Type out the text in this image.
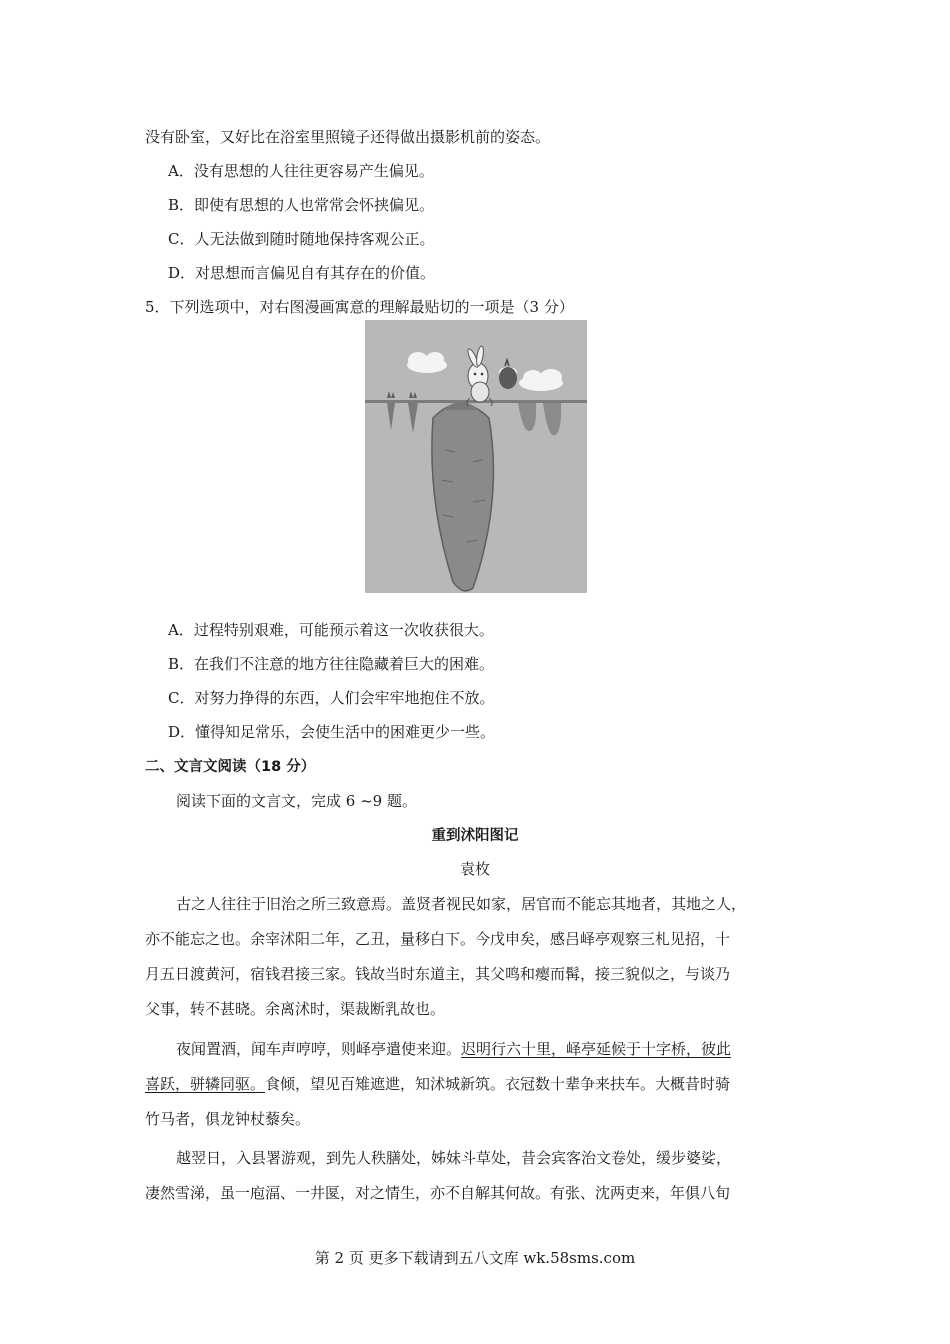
没有卧室，又好比在浴室里照镜子还得做出摄影机前的姿态。
A．没有思想的人往往更容易产生偏见。
B．即使有思想的人也常常会怀挟偏见。
C．人无法做到随时随地保持客观公正。
D．对思想而言偏见自有其存在的价值。
5．下列选项中，对右图漫画寓意的理解最贴切的一项是（3 分）
A．过程特别艰难，可能预示着这一次收获很大。
B．在我们不注意的地方往往隐藏着巨大的困难。
C．对努力挣得的东西，人们会牢牢地抱住不放。
D．懂得知足常乐，会使生活中的困难更少一些。
二、文言文阅读（18 分）
阅读下面的文言文，完成 6 ~9 题。
重到沭阳图记
袁枚
古之人往往于旧治之所三致意焉。盖贤者视民如家，居官而不能忘其地者，其地之人，
亦不能忘之也。余宰沭阳二年，乙丑，量移白下。今戊申矣，感吕峄亭观察三札见招，十
月五日渡黄河，宿钱君接三家。钱故当时东道主，其父鸣和瘿而髯，接三貌似之，与谈乃
父事，转不甚晓。余离沭时，渠裁断乳故也。
夜闻置酒，闻车声哼哼，则峄亭遣使来迎。迟明行六十里，峄亭延候于十字桥，彼此
喜跃，骈辚同驱。食倾，望见百雉遮迣，知沭城新筑。衣冠数十辈争来扶车。大概昔时骑
竹马者，俱龙钟杖藜矣。
越翌日，入县署游观，到先人秩膳处，姊妹斗草处，昔会宾客治文卷处，缓步婆娑，
凄然雪涕，虽一庖湢、一井匽，对之情生，亦不自解其何故。有张、沈两吏来，年俱八旬
第 2 页 更多下载请到五八文库 wk.58sms.com
